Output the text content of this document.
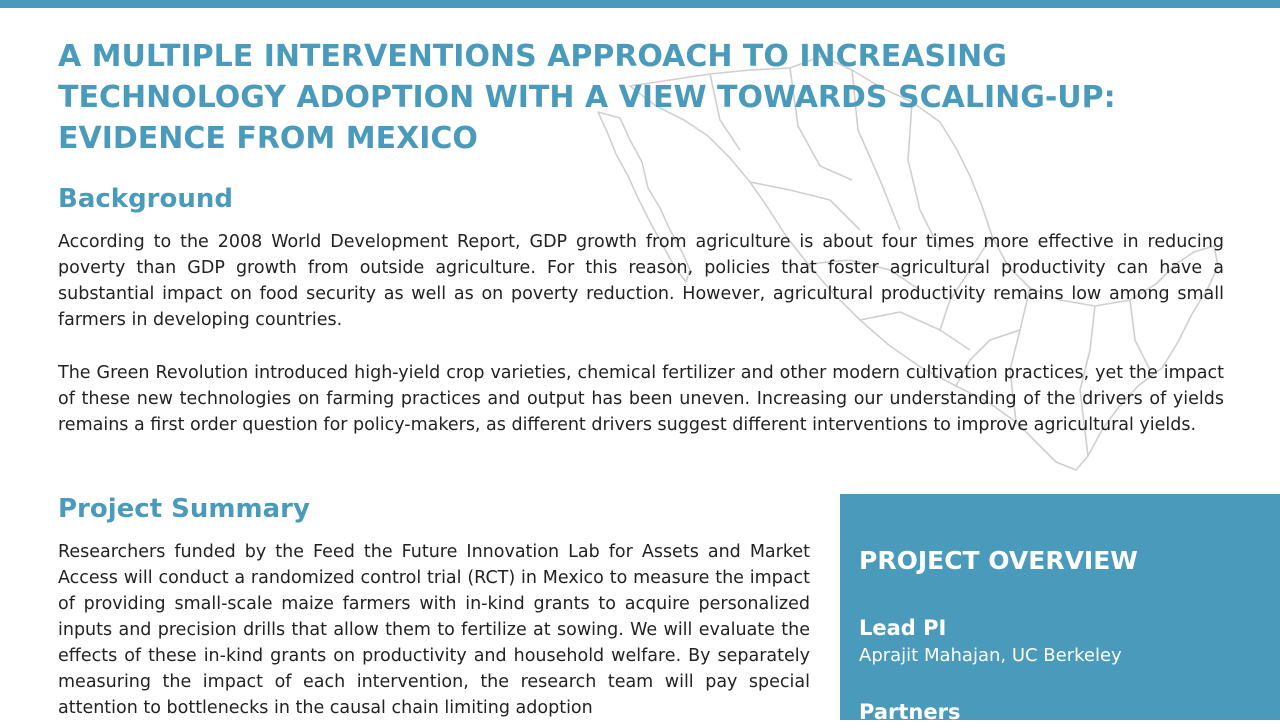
A MULTIPLE INTERVENTIONS APPROACH TO INCREASING
TECHNOLOGY ADOPTION WITH A VIEW TOWARDS SCALING-UP:
EVIDENCE FROM MEXICO
Background

According to the 2008 World Development Report, GDP growth from agriculture is about four times more effective in reducing poverty than GDP growth from outside agriculture. For this reason, policies that foster agricultural productivity can have a substantial impact on food security as well as on poverty reduction. However, agricultural productivity remains low among small farmers in developing countries.

The Green Revolution introduced high-yield crop varieties, chemical fertilizer and other modern cultivation practices, yet the impact of these new technologies on farming practices and output has been uneven. Increasing our understanding of the drivers of yields remains a first order question for policy-makers, as different drivers suggest different interventions to improve agricultural yields.

Project Summary

Researchers funded by the Feed the Future Innovation Lab for Assets and Market Access will conduct a randomized control trial (RCT) in Mexico to measure the impact of providing small-scale maize farmers with in-kind grants to acquire personalized inputs and precision drills that allow them to fertilize at sowing. We will evaluate the effects of these in-kind grants on productivity and household welfare. By separately measuring the impact of each intervention, the research team will pay special attention to bottlenecks in the causal chain limiting adoption

PROJECT OVERVIEW
Lead PI
Aprajit Mahajan, UC Berkeley
Partners
